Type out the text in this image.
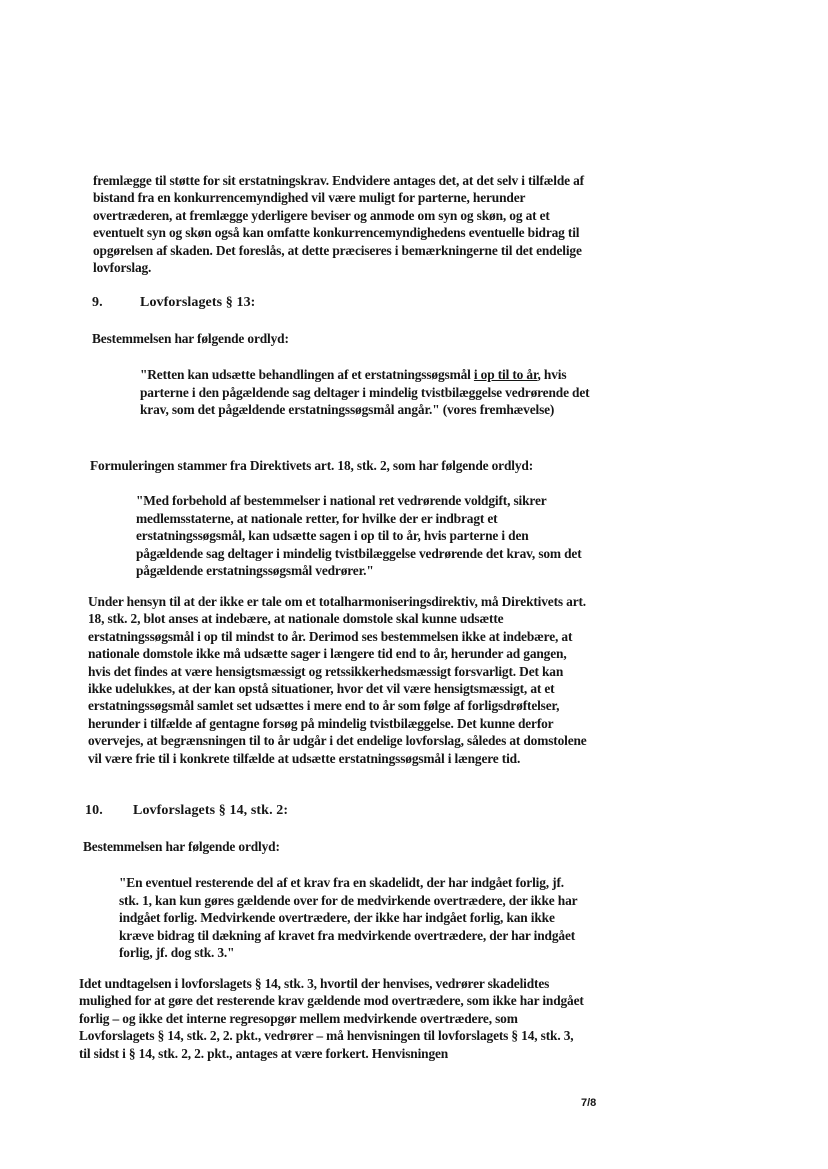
fremlægge til støtte for sit erstatningskrav. Endvidere antages det, at det selv i tilfælde af bistand fra en konkurrencemyndighed vil være muligt for parterne, herunder overtræderen, at fremlægge yderligere beviser og anmode om syn og skøn, og at et eventuelt syn og skøn også kan omfatte konkurrencemyndighedens eventuelle bidrag til opgørelsen af skaden. Det foreslås, at dette præciseres i bemærkningerne til det endelige lovforslag.

9.	Lovforslagets § 13:

Bestemmelsen har følgende ordlyd:

"Retten kan udsætte behandlingen af et erstatningssøgsmål i op til to år, hvis parterne i den pågældende sag deltager i mindelig tvistbilæggelse vedrørende det krav, som det pågældende erstatningssøgsmål angår." (vores fremhævelse)

Formuleringen stammer fra Direktivets art. 18, stk. 2, som har følgende ordlyd:

"Med forbehold af bestemmelser i national ret vedrørende voldgift, sikrer medlemsstaterne, at nationale retter, for hvilke der er indbragt et erstatningssøgsmål, kan udsætte sagen i op til to år, hvis parterne i den pågældende sag deltager i mindelig tvistbilæggelse vedrørende det krav, som det pågældende erstatningssøgsmål vedrører."

Under hensyn til at der ikke er tale om et totalharmoniseringsdirektiv, må Direktivets art. 18, stk. 2, blot anses at indebære, at nationale domstole skal kunne udsætte erstatningssøgsmål i op til mindst to år. Derimod ses bestemmelsen ikke at indebære, at nationale domstole ikke må udsætte sager i længere tid end to år, herunder ad gangen, hvis det findes at være hensigtsmæssigt og retssikkerhedsmæssigt forsvarligt. Det kan ikke udelukkes, at der kan opstå situationer, hvor det vil være hensigtsmæssigt, at et erstatningssøgsmål samlet set udsættes i mere end to år som følge af forligsdrøftelser, herunder i tilfælde af gentagne forsøg på mindelig tvistbilæggelse. Det kunne derfor overvejes, at begrænsningen til to år udgår i det endelige lovforslag, således at domstolene vil være frie til i konkrete tilfælde at udsætte erstatningssøgsmål i længere tid.

10. Lovforslagets § 14, stk. 2:

Bestemmelsen har følgende ordlyd:

"En eventuel resterende del af et krav fra en skadelidt, der har indgået forlig, jf. stk. 1, kan kun gøres gældende over for de medvirkende overtrædere, der ikke har indgået forlig. Medvirkende overtrædere, der ikke har indgået forlig, kan ikke kræve bidrag til dækning af kravet fra medvirkende overtrædere, der har indgået forlig, jf. dog stk. 3."

Idet undtagelsen i lovforslagets § 14, stk. 3, hvortil der henvises, vedrører skadelidtes mulighed for at gøre det resterende krav gældende mod overtrædere, som ikke har indgået forlig – og ikke det interne regresopgør mellem medvirkende overtrædere, som Lovforslagets § 14, stk. 2, 2. pkt., vedrører – må henvisningen til lovforslagets § 14, stk. 3, til sidst i § 14, stk. 2, 2. pkt., antages at være forkert. Henvisningen

7/8
